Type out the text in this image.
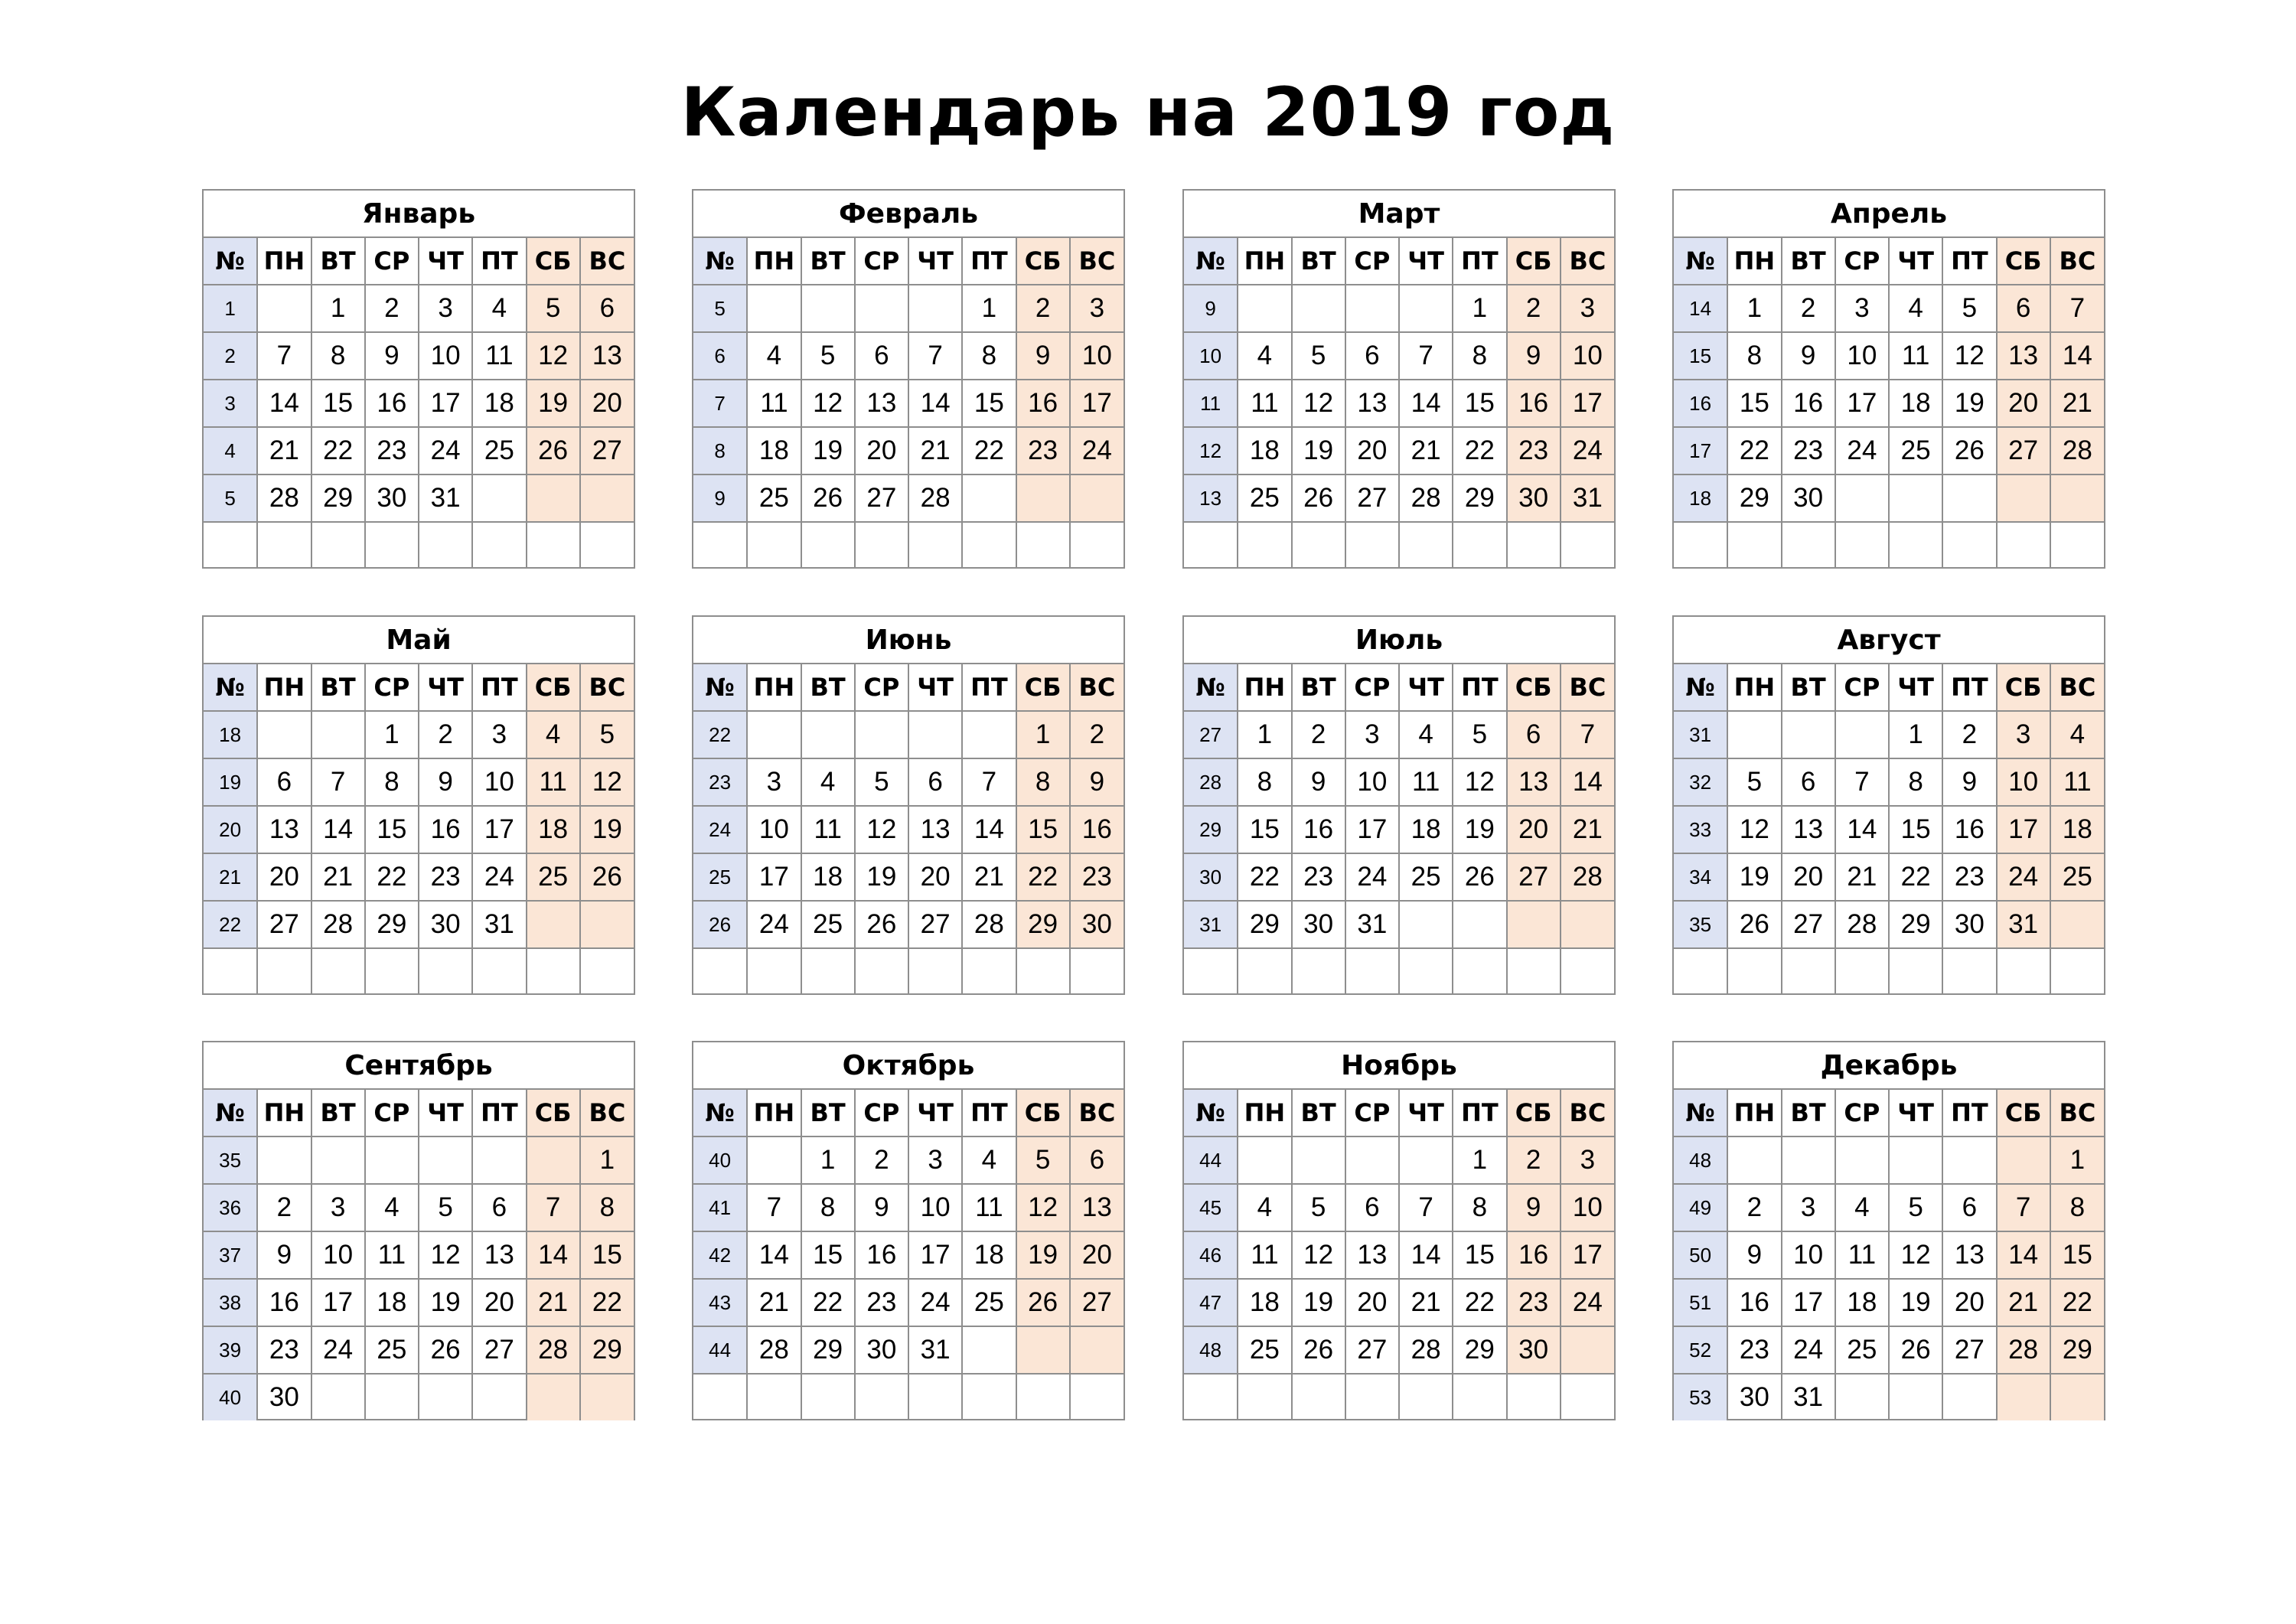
Календарь на 2019 год
Январь							
№	ПН	ВТ	СР	ЧТ	ПТ	СБ	ВС
1		1	2	3	4	5	6
2	7	8	9	10	11	12	13
3	14	15	16	17	18	19	20
4	21	22	23	24	25	26	27
5	28	29	30	31			

Февраль							
№	ПН	ВТ	СР	ЧТ	ПТ	СБ	ВС
5					1	2	3
6	4	5	6	7	8	9	10
7	11	12	13	14	15	16	17
8	18	19	20	21	22	23	24
9	25	26	27	28			

Март							
№	ПН	ВТ	СР	ЧТ	ПТ	СБ	ВС
9					1	2	3
10	4	5	6	7	8	9	10
11	11	12	13	14	15	16	17
12	18	19	20	21	22	23	24
13	25	26	27	28	29	30	31

Апрель							
№	ПН	ВТ	СР	ЧТ	ПТ	СБ	ВС
14	1	2	3	4	5	6	7
15	8	9	10	11	12	13	14
16	15	16	17	18	19	20	21
17	22	23	24	25	26	27	28
18	29	30					

Май							
№	ПН	ВТ	СР	ЧТ	ПТ	СБ	ВС
18			1	2	3	4	5
19	6	7	8	9	10	11	12
20	13	14	15	16	17	18	19
21	20	21	22	23	24	25	26
22	27	28	29	30	31		

Июнь							
№	ПН	ВТ	СР	ЧТ	ПТ	СБ	ВС
22						1	2
23	3	4	5	6	7	8	9
24	10	11	12	13	14	15	16
25	17	18	19	20	21	22	23
26	24	25	26	27	28	29	30

Июль							
№	ПН	ВТ	СР	ЧТ	ПТ	СБ	ВС
27	1	2	3	4	5	6	7
28	8	9	10	11	12	13	14
29	15	16	17	18	19	20	21
30	22	23	24	25	26	27	28
31	29	30	31				

Август							
№	ПН	ВТ	СР	ЧТ	ПТ	СБ	ВС
31				1	2	3	4
32	5	6	7	8	9	10	11
33	12	13	14	15	16	17	18
34	19	20	21	22	23	24	25
35	26	27	28	29	30	31	

Сентябрь							
№	ПН	ВТ	СР	ЧТ	ПТ	СБ	ВС
35							1
36	2	3	4	5	6	7	8
37	9	10	11	12	13	14	15
38	16	17	18	19	20	21	22
39	23	24	25	26	27	28	29
40	30						
Октябрь							
№	ПН	ВТ	СР	ЧТ	ПТ	СБ	ВС
40		1	2	3	4	5	6
41	7	8	9	10	11	12	13
42	14	15	16	17	18	19	20
43	21	22	23	24	25	26	27
44	28	29	30	31			

Ноябрь							
№	ПН	ВТ	СР	ЧТ	ПТ	СБ	ВС
44					1	2	3
45	4	5	6	7	8	9	10
46	11	12	13	14	15	16	17
47	18	19	20	21	22	23	24
48	25	26	27	28	29	30	

Декабрь							
№	ПН	ВТ	СР	ЧТ	ПТ	СБ	ВС
48							1
49	2	3	4	5	6	7	8
50	9	10	11	12	13	14	15
51	16	17	18	19	20	21	22
52	23	24	25	26	27	28	29
53	30	31					
